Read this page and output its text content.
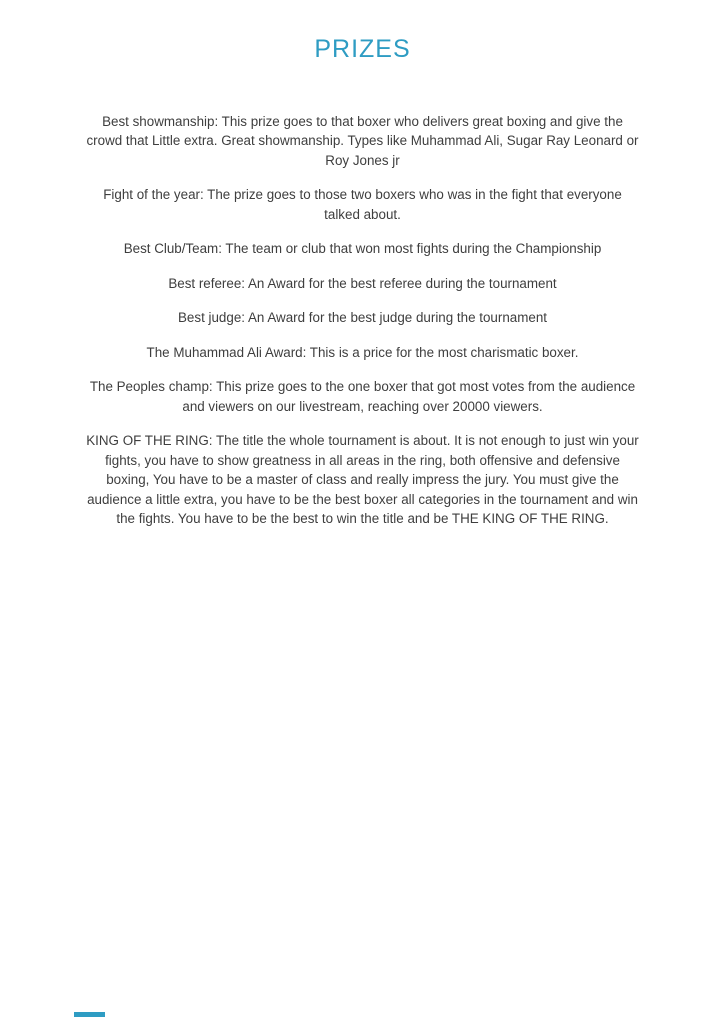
PRIZES

Best showmanship: This prize goes to that boxer who delivers great boxing and give the crowd that Little extra. Great showmanship. Types like Muhammad Ali, Sugar Ray Leonard or Roy Jones jr

Fight of the year: The prize goes to those two boxers who was in the fight that everyone talked about.

Best Club/Team: The team or club that won most fights during the Championship

Best referee: An Award for the best referee during the tournament

Best judge: An Award for the best judge during the tournament

The Muhammad Ali Award: This is a price for the most charismatic boxer.

The Peoples champ: This prize goes to the one boxer that got most votes from the audience and viewers on our livestream, reaching over 20000 viewers.

KING OF THE RING: The title the whole tournament is about. It is not enough to just win your fights, you have to show greatness in all areas in the ring, both offensive and defensive boxing, You have to be a master of class and really impress the jury. You must give the audience a little extra, you have to be the best boxer all categories in the tournament and win the fights. You have to be the best to win the title and be THE KING OF THE RING.
